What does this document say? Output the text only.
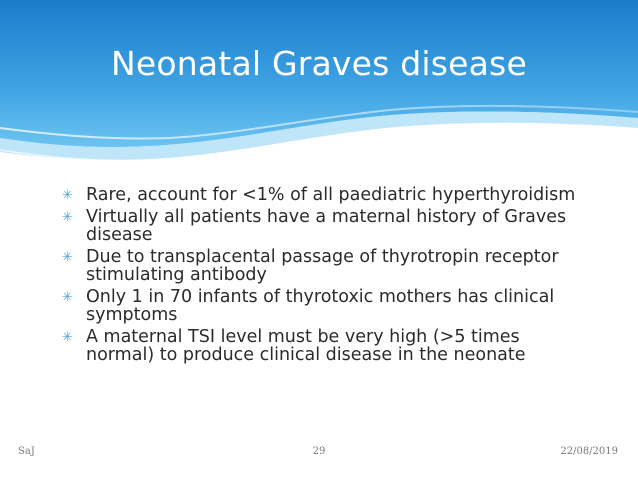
Neonatal Graves disease
✳ Rare, account for <1% of all paediatric hyperthyroidism
✳ Virtually all patients have a maternal history of Graves disease
✳ Due to transplacental passage of thyrotropin receptor stimulating antibody
✳ Only 1 in 70 infants of thyrotoxic mothers has clinical symptoms
✳ A maternal TSI level must be very high (>5 times normal) to produce clinical disease in the neonate
SaJ	29	22/08/2019
